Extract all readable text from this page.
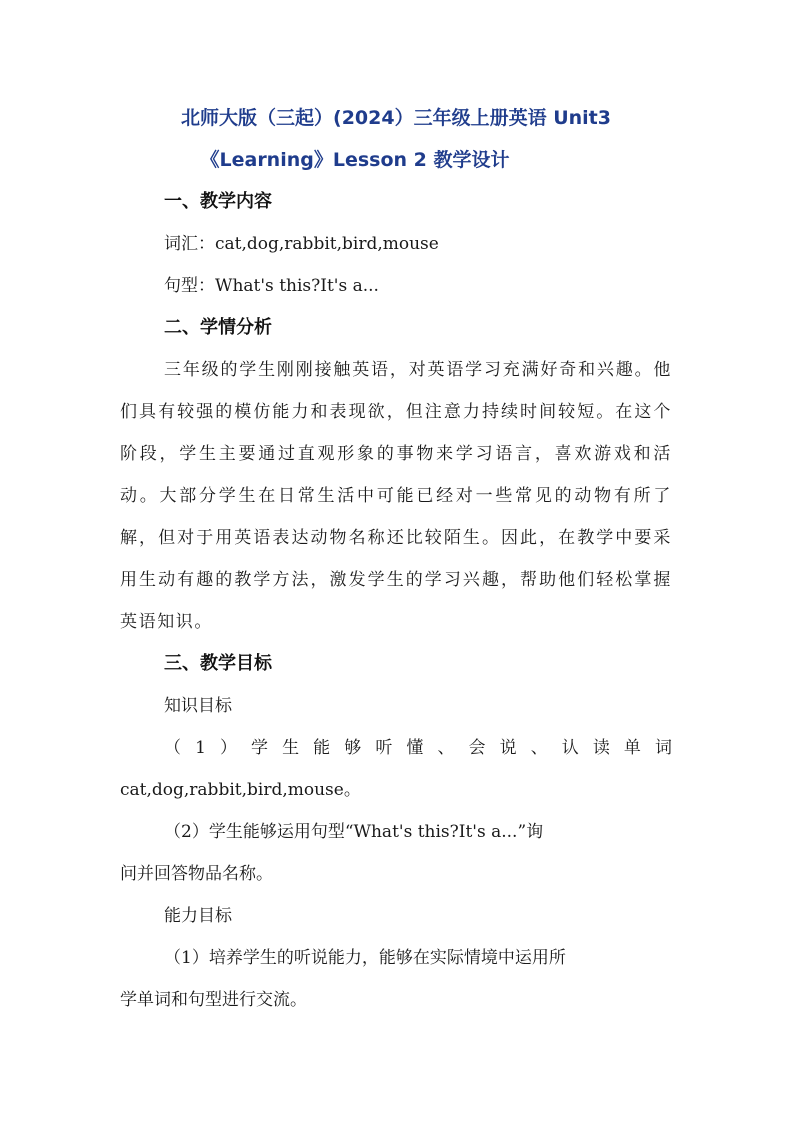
北师大版（三起）(2024）三年级上册英语 Unit3

《Learning》Lesson 2 教学设计

一、教学内容

词汇：cat,dog,rabbit,bird,mouse

句型：What's this?It's a...

二、学情分析

三年级的学生刚刚接触英语，对英语学习充满好奇和兴趣。他们具有较强的模仿能力和表现欲，但注意力持续时间较短。在这个阶段，学生主要通过直观形象的事物来学习语言，喜欢游戏和活动。大部分学生在日常生活中可能已经对一些常见的动物有所了解，但对于用英语表达动物名称还比较陌生。因此，在教学中要采用生动有趣的教学方法，激发学生的学习兴趣，帮助他们轻松掌握英语知识。

三、教学目标

知识目标

（1）学生能够听懂、会说、认读单词

cat,dog,rabbit,bird,mouse。

（2）学生能够运用句型“What's this?It's a...”询

问并回答物品名称。

能力目标

（1）培养学生的听说能力，能够在实际情境中运用所

学单词和句型进行交流。
